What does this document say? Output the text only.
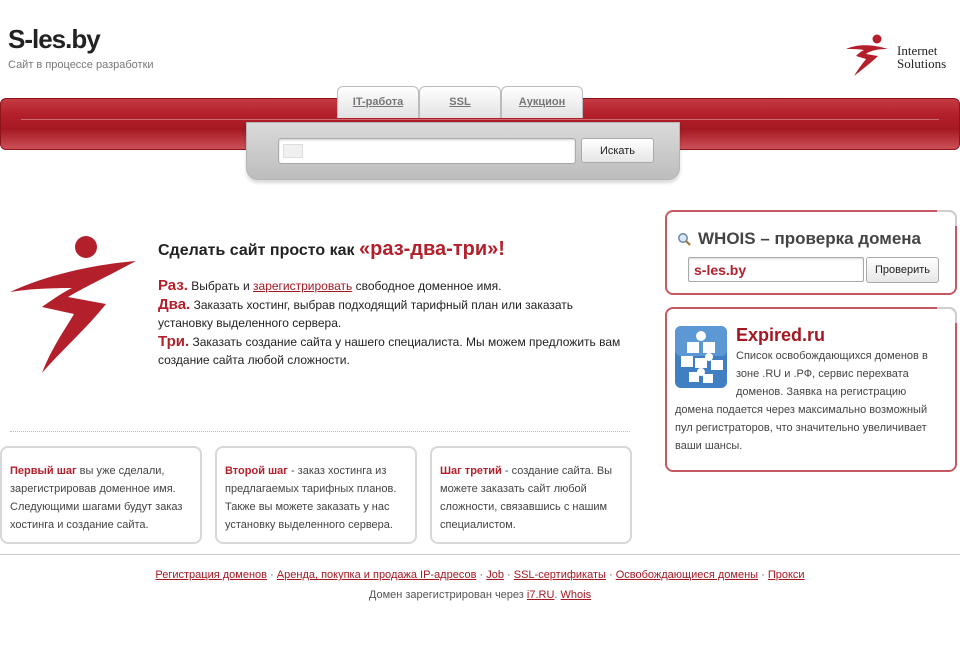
S-les.by
Сайт в процессе разработки
Internet
Solutions
IT-работа	SSL	Аукцион
Искать
Сделать сайт просто как «раз-два-три»!

Раз. Выбрать и зарегистрировать свободное доменное имя.

Два. Заказать хостинг, выбрав подходящий тарифный план или заказать установку выделенного сервера.

Три. Заказать создание сайта у нашего специалиста. Мы можем предложить вам создание сайта любой сложности.

Первый шаг вы уже сделали, зарегистрировав доменное имя. Следующими шагами будут заказ хостинга и создание сайта.
Второй шаг - заказ хостинга из предлагаемых тарифных планов. Также вы можете заказать у нас установку выделенного сервера.
Шаг третий - создание сайта. Вы можете заказать сайт любой сложности, связавшись с нашим специалистом.
WHOIS – проверка домена
s-les.by
Проверить
Expired.ru
Список освобождающихся доменов в зоне .RU и .РФ, сервис перехвата доменов. Заявка на регистрацию домена подается через максимально возможный пул регистраторов, что значительно увеличивает ваши шансы.
Регистрация доменов · Аренда, покупка и продажа IP-адресов · Job · SSL-сертификаты · Освобождающиеся домены · Прокси
Домен зарегистрирован через i7.RU. Whois
